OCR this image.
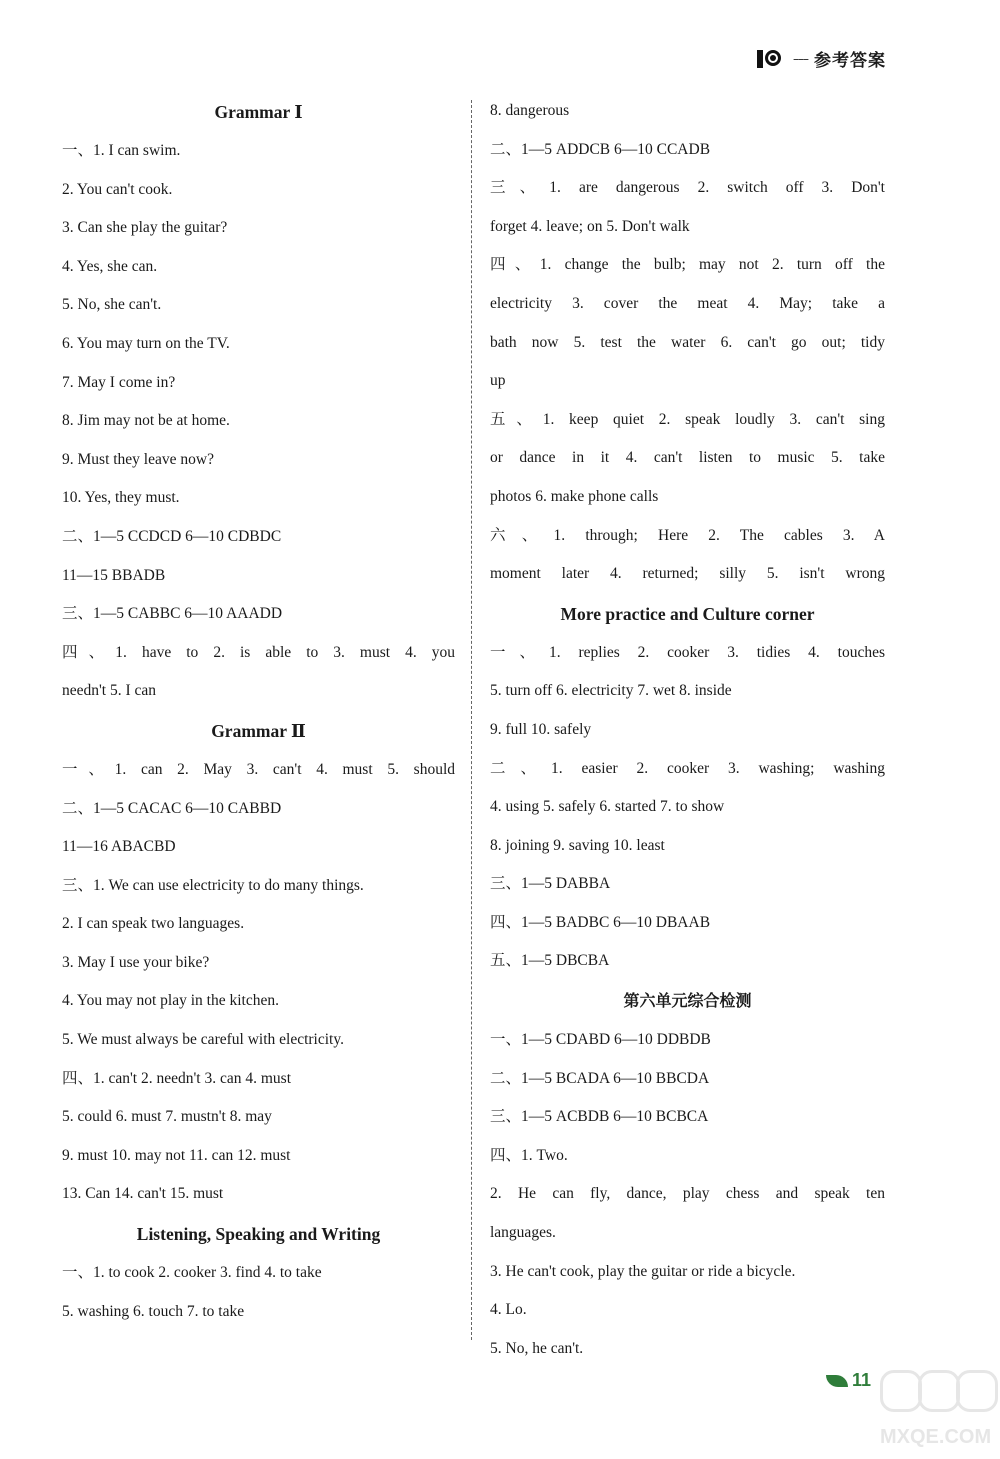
––– 参考答案
Grammar Ⅰ
一、1. I can swim.
2. You can't cook.
3. Can she play the guitar?
4. Yes, she can.
5. No, she can't.
6. You may turn on the TV.
7. May I come in?
8. Jim may not be at home.
9. Must they leave now?
10. Yes, they must.
二、1—5 CCDCD 6—10 CDBDC
11—15 BBADB
三、1—5 CABBC 6—10 AAADD
四、1. have to 2. is able to 3. must 4. you
needn't 5. I can
Grammar Ⅱ
一、1. can 2. May 3. can't 4. must 5. should
二、1—5 CACAC 6—10 CABBD
11—16 ABACBD
三、1. We can use electricity to do many things.
2. I can speak two languages.
3. May I use your bike?
4. You may not play in the kitchen.
5. We must always be careful with electricity.
四、1. can't 2. needn't 3. can 4. must
5. could 6. must 7. mustn't 8. may
9. must 10. may not 11. can 12. must
13. Can 14. can't 15. must
Listening, Speaking and Writing
一、1. to cook 2. cooker 3. find 4. to take
5. washing 6. touch 7. to take
8. dangerous
二、1—5 ADDCB 6—10 CCADB
三、1. are dangerous 2. switch off 3. Don't
forget 4. leave; on 5. Don't walk
四、1. change the bulb; may not 2. turn off the
electricity 3. cover the meat 4. May; take a
bath now 5. test the water 6. can't go out; tidy
up
五、1. keep quiet 2. speak loudly 3. can't sing
or dance in it 4. can't listen to music 5. take
photos 6. make phone calls
六、1. through; Here 2. The cables 3. A
moment later 4. returned; silly 5. isn't wrong
More practice and Culture corner
一、1. replies 2. cooker 3. tidies 4. touches
5. turn off 6. electricity 7. wet 8. inside
9. full 10. safely
二、1. easier 2. cooker 3. washing; washing
4. using 5. safely 6. started 7. to show
8. joining 9. saving 10. least
三、1—5 DABBA
四、1—5 BADBC 6—10 DBAAB
五、1—5 DBCBA
第六单元综合检测
一、1—5 CDABD 6—10 DDBDB
二、1—5 BCADA 6—10 BBCDA
三、1—5 ACBDB 6—10 BCBCA
四、1. Two.
2. He can fly, dance, play chess and speak ten
languages.
3. He can't cook, play the guitar or ride a bicycle.
4. Lo.
5. No, he can't.
11
MXQE.COM
